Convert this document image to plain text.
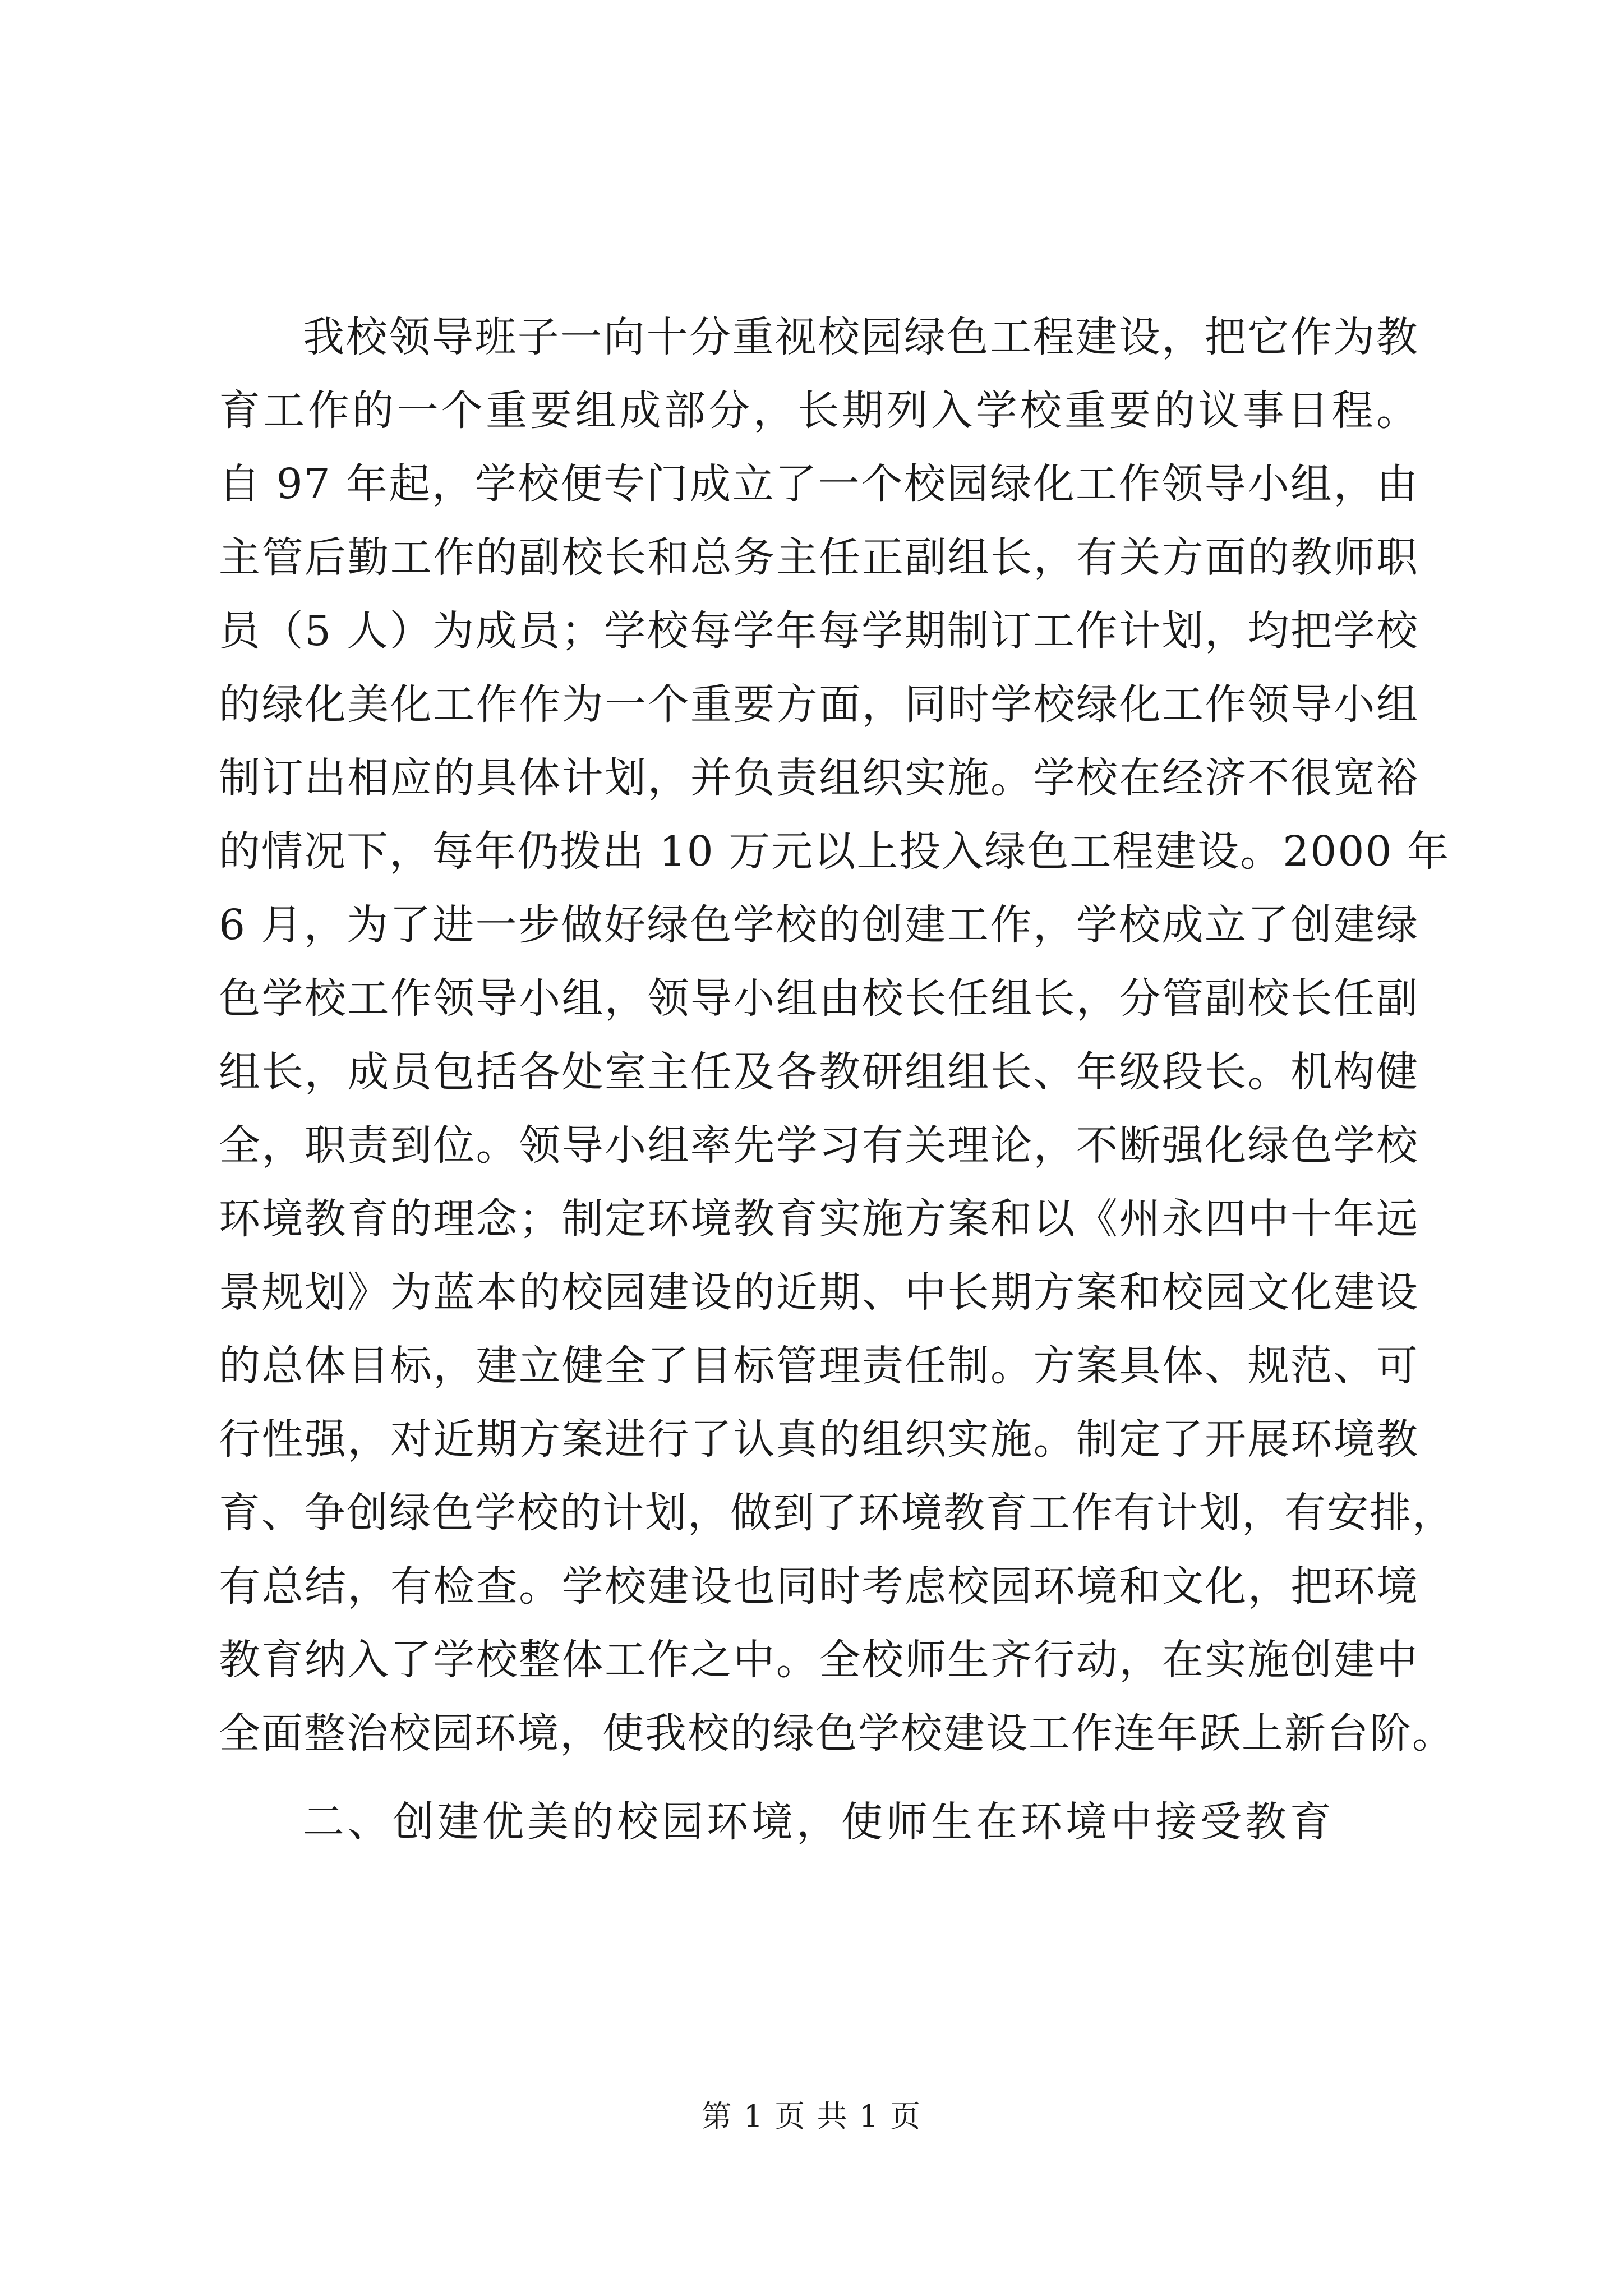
我校领导班子一向十分重视校园绿色工程建设，把它作为教
育工作的一个重要组成部分，长期列入学校重要的议事日程。
自 97 年起，学校便专门成立了一个校园绿化工作领导小组，由
主管后勤工作的副校长和总务主任正副组长，有关方面的教师职
员（5 人）为成员；学校每学年每学期制订工作计划，均把学校
的绿化美化工作作为一个重要方面，同时学校绿化工作领导小组
制订出相应的具体计划，并负责组织实施。学校在经济不很宽裕
的情况下，每年仍拨出 10 万元以上投入绿色工程建设。2000 年
6 月，为了进一步做好绿色学校的创建工作，学校成立了创建绿
色学校工作领导小组，领导小组由校长任组长，分管副校长任副
组长，成员包括各处室主任及各教研组组长、年级段长。机构健
全，职责到位。领导小组率先学习有关理论，不断强化绿色学校
环境教育的理念；制定环境教育实施方案和以《州永四中十年远
景规划》为蓝本的校园建设的近期、中长期方案和校园文化建设
的总体目标，建立健全了目标管理责任制。方案具体、规范、可
行性强，对近期方案进行了认真的组织实施。制定了开展环境教
育、争创绿色学校的计划，做到了环境教育工作有计划，有安排，
有总结，有检查。学校建设也同时考虑校园环境和文化，把环境
教育纳入了学校整体工作之中。全校师生齐行动，在实施创建中
全面整治校园环境，使我校的绿色学校建设工作连年跃上新台阶。
二、创建优美的校园环境，使师生在环境中接受教育
第 1 页 共 1 页
